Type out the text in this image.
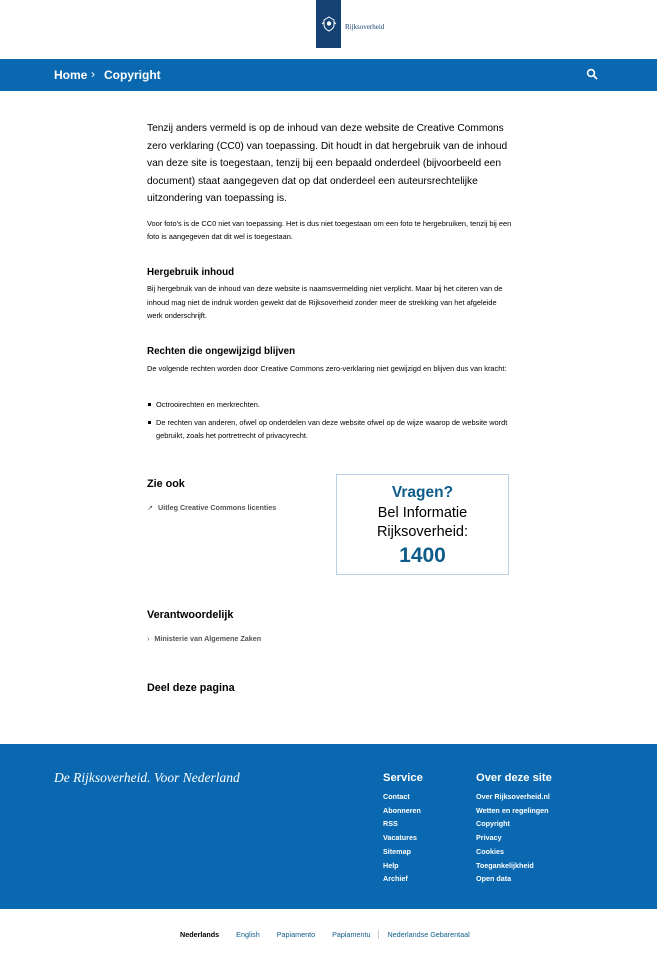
Rijksoverheid
Home › Copyright

Tenzij anders vermeld is op de inhoud van deze website de Creative Commons zero verklaring (CC0) van toepassing. Dit houdt in dat hergebruik van de inhoud van deze site is toegestaan, tenzij bij een bepaald onderdeel (bijvoorbeeld een document) staat aangegeven dat op dat onderdeel een auteursrechtelijke uitzondering van toepassing is.

Voor foto's is de CC0 niet van toepassing. Het is dus niet toegestaan om een foto te hergebruiken, tenzij bij een foto is aangegeven dat dit wel is toegestaan.

Hergebruik inhoud

Bij hergebruik van de inhoud van deze website is naamsvermelding niet verplicht. Maar bij het citeren van de inhoud mag niet de indruk worden gewekt dat de Rijksoverheid zonder meer de strekking van het afgeleide werk onderschrijft.

Rechten die ongewijzigd blijven

De volgende rechten worden door Creative Commons zero-verklaring niet gewijzigd en blijven dus van kracht:

Octrooirechten en merkrechten.
De rechten van anderen, ofwel op onderdelen van deze website ofwel op de wijze waarop de website wordt gebruikt, zoals het portretrecht of privacyrecht.
Zie ook
↗ Uitleg Creative Commons licenties
Vragen?
Bel Informatie
Rijksoverheid:
1400
Verantwoordelijk
› Ministerie van Algemene Zaken
Deel deze pagina
De Rijksoverheid. Voor Nederland	Service
Contact
Abonneren
RSS
Vacatures
Sitemap
Help
Archief
Over deze site
Over Rijksoverheid.nl
Wetten en regelingen
Copyright
Privacy
Cookies
Toegankelijkheid
Open data
Nederlands	English	Papiamento	Papiamentu	Nederlandse Gebarentaal
